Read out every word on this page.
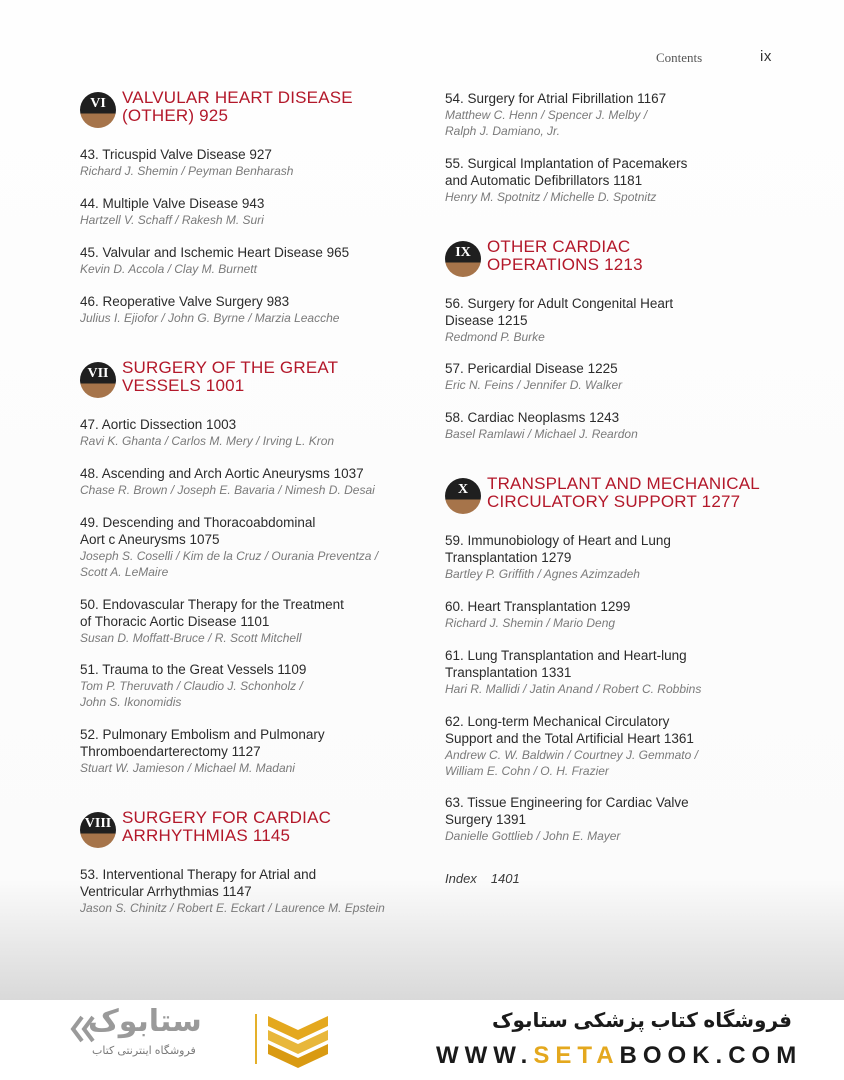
Contents	ix
VI VALVULAR HEART DISEASE
(OTHER) 925
43. Tricuspid Valve Disease 927
Richard J. Shemin / Peyman Benharash
44. Multiple Valve Disease 943
Hartzell V. Schaff / Rakesh M. Suri
45. Valvular and Ischemic Heart Disease 965
Kevin D. Accola / Clay M. Burnett
46. Reoperative Valve Surgery 983
Julius I. Ejiofor / John G. Byrne / Marzia Leacche
VII SURGERY OF THE GREAT
VESSELS 1001
47. Aortic Dissection 1003
Ravi K. Ghanta / Carlos M. Mery / Irving L. Kron
48. Ascending and Arch Aortic Aneurysms 1037
Chase R. Brown / Joseph E. Bavaria / Nimesh D. Desai
49. Descending and Thoracoabdominal
Aort c Aneurysms 1075
Joseph S. Coselli / Kim de la Cruz / Ourania Preventza /
Scott A. LeMaire
50. Endovascular Therapy for the Treatment
of Thoracic Aortic Disease 1101
Susan D. Moffatt-Bruce / R. Scott Mitchell
51. Trauma to the Great Vessels 1109
Tom P. Theruvath / Claudio J. Schonholz /
John S. Ikonomidis
52. Pulmonary Embolism and Pulmonary
Thromboendarterectomy 1127
Stuart W. Jamieson / Michael M. Madani
VIII SURGERY FOR CARDIAC
ARRHYTHMIAS 1145
53. Interventional Therapy for Atrial and
Ventricular Arrhythmias 1147
Jason S. Chinitz / Robert E. Eckart / Laurence M. Epstein
54. Surgery for Atrial Fibrillation 1167
Matthew C. Henn / Spencer J. Melby /
Ralph J. Damiano, Jr.
55. Surgical Implantation of Pacemakers
and Automatic Defibrillators 1181
Henry M. Spotnitz / Michelle D. Spotnitz
IX OTHER CARDIAC
OPERATIONS 1213
56. Surgery for Adult Congenital Heart
Disease 1215
Redmond P. Burke
57. Pericardial Disease 1225
Eric N. Feins / Jennifer D. Walker
58. Cardiac Neoplasms 1243
Basel Ramlawi / Michael J. Reardon
X	TRANSPLANT AND MECHANICAL
CIRCULATORY SUPPORT 1277
59. Immunobiology of Heart and Lung
Transplantation 1279
Bartley P. Griffith / Agnes Azimzadeh
60. Heart Transplantation 1299
Richard J. Shemin / Mario Deng
61. Lung Transplantation and Heart-lung
Transplantation 1331
Hari R. Mallidi / Jatin Anand / Robert C. Robbins
62. Long-term Mechanical Circulatory
Support and the Total Artificial Heart 1361
Andrew C. W. Baldwin / Courtney J. Gemmato /
William E. Cohn / O. H. Frazier
63. Tissue Engineering for Cardiac Valve
Surgery 1391
Danielle Gottlieb / John E. Mayer
Index 1401
ستابوک
فروشگاه اینترنتی کتاب
فروشگاه کتاب پزشکی ستابوک
WWW.SETABOOK.COM
